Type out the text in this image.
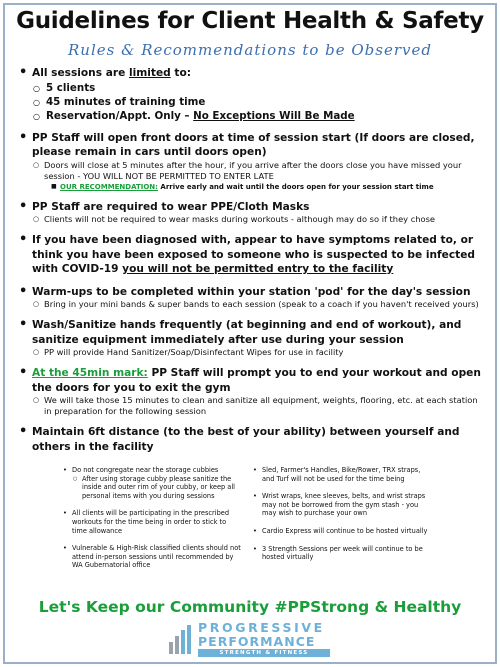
Guidelines for Client Health & Safety
Rules & Recommendations to be Observed
• All sessions are limited to:
○ 5 clients
○ 45 minutes of training time
○ Reservation/Appt. Only – No Exceptions Will Be Made
• PP Staff will open front doors at time of session start (If doors are closed, please remain in cars until doors open)
○ Doors will close at 5 minutes after the hour, if you arrive after the doors close you have missed your session - YOU WILL NOT BE PERMITTED TO ENTER LATE
■ OUR RECOMMENDATION: Arrive early and wait until the doors open for your session start time
• PP Staff are required to wear PPE/Cloth Masks
○ Clients will not be required to wear masks during workouts - although may do so if they chose
• If you have been diagnosed with, appear to have symptoms related to, or think you have been exposed to someone who is suspected to be infected with COVID-19 you will not be permitted entry to the facility
• Warm-ups to be completed within your station 'pod' for the day's session
○ Bring in your mini bands & super bands to each session (speak to a coach if you haven't received yours)
• Wash/Sanitize hands frequently (at beginning and end of workout), and sanitize equipment immediately after use during your session
○ PP will provide Hand Sanitizer/Soap/Disinfectant Wipes for use in facility
• At the 45min mark: PP Staff will prompt you to end your workout and open the doors for you to exit the gym
○ We will take those 15 minutes to clean and sanitize all equipment, weights, flooring, etc. at each station in preparation for the following session
• Maintain 6ft distance (to the best of your ability) between yourself and others in the facility
• Do not congregate near the storage cubbies
○ After using storage cubby please sanitize the inside and outer rim of your cubby, or keep all personal items with you during sessions
• All clients will be participating in the prescribed workouts for the time being in order to stick to time allowance
• Vulnerable & High-Risk classified clients should not attend in-person sessions until recommended by WA Gubernatorial office
• Sled, Farmer's Handles, Bike/Rower, TRX straps, and Turf will not be used for the time being
• Wrist wraps, knee sleeves, belts, and wrist straps may not be borrowed from the gym stash - you may wish to purchase your own
• Cardio Express will continue to be hosted virtually
• 3 Strength Sessions per week will continue to be hosted virtually
Let's Keep our Community #PPStrong & Healthy
PROGRESSIVE
PERFORMANCE
STRENGTH & FITNESS
